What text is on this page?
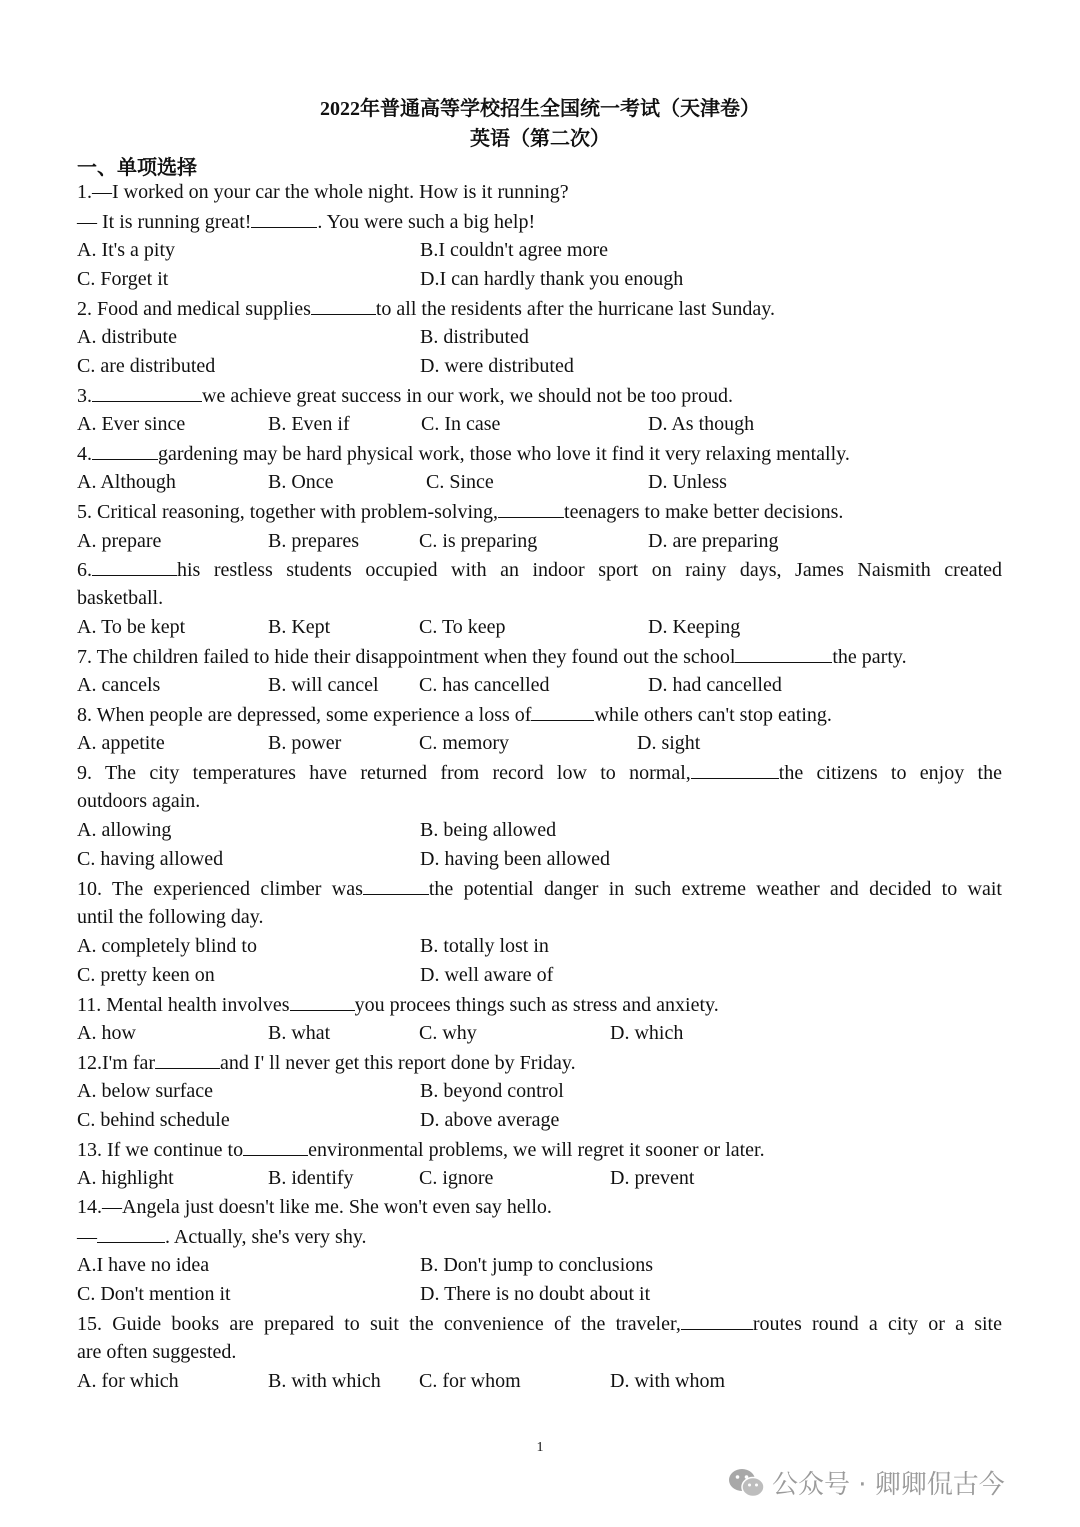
2022年普通高等学校招生全国统一考试（天津卷）
英语（第二次）
一、单项选择
1.—I worked on your car the whole night. How is it running?
— It is running great!	. You were such a big help!
A. It's a pity	B.I couldn't agree more
C. Forget it	D.I can hardly thank you enough
2. Food and medical supplies	to all the residents after the hurricane last Sunday.
A. distribute	B. distributed
C. are distributed	D. were distributed
3.	we achieve great success in our work, we should not be too proud.
A. Ever since	B. Even if	C. In case	D. As though
4.	gardening may be hard physical work, those who love it find it very relaxing mentally.
A. Although	B. Once	C. Since	D. Unless
5. Critical reasoning, together with problem-solving,	teenagers to make better decisions.
A. prepare	B. prepares	C. is preparing	D. are preparing
6.	his restless students occupied with an indoor sport on rainy days, James Naismith created
basketball.
A. To be kept	B. Kept	C. To keep	D. Keeping
7. The children failed to hide their disappointment when they found out the school	the party.
A. cancels	B. will cancel C. has cancelled	D. had cancelled
8. When people are depressed, some experience a loss of	while others can't stop eating.
A. appetite	B. power	C. memory	D. sight
9. The city temperatures have returned from record low to normal,	the citizens to enjoy the
outdoors again.
A. allowing	B. being allowed
C. having allowed	D. having been allowed
10. The experienced climber was	the potential danger in such extreme weather and decided to wait
until the following day.
A. completely blind to	B. totally lost in
C. pretty keen on	D. well aware of
11. Mental health involves	you procees things such as stress and anxiety.
A. how	B. what	C. why	D. which
12.I'm far	and I' ll never get this report done by Friday.
A. below surface	B. beyond control
C. behind schedule	D. above average
13. If we continue to	environmental problems, we will regret it sooner or later.
A. highlight	B. identify	C. ignore	D. prevent
14.—Angela just doesn't like me. She won't even say hello.
—	. Actually, she's very shy.
A.I have no idea	B. Don't jump to conclusions
C. Don't mention it	D. There is no doubt about it
15. Guide books are prepared to suit the convenience of the traveler,	routes round a city or a site
are often suggested.
A. for which	B. with which C. for whom	D. with whom
1
公众号 · 卿卿侃古今
